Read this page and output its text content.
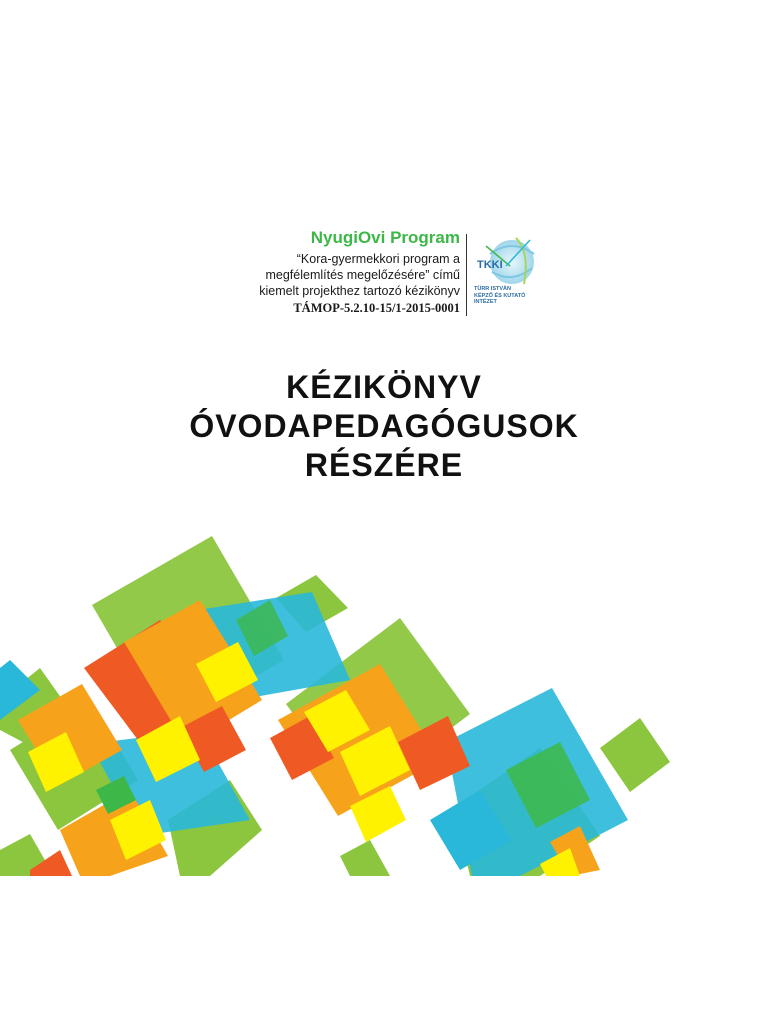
NyugiOvi Program
“Kora-gyermekkori program a
megfélemlítés megelőzésére” című
kiemelt projekthez tartozó kézikönyv
TÁMOP-5.2.10-15/1-2015-0001
TKKI
TÜRR ISTVÁN
KÉPZŐ ÉS KUTATÓ
INTÉZET
KÉZIKÖNYV
ÓVODAPEDAGÓGUSOK
RÉSZÉRE
